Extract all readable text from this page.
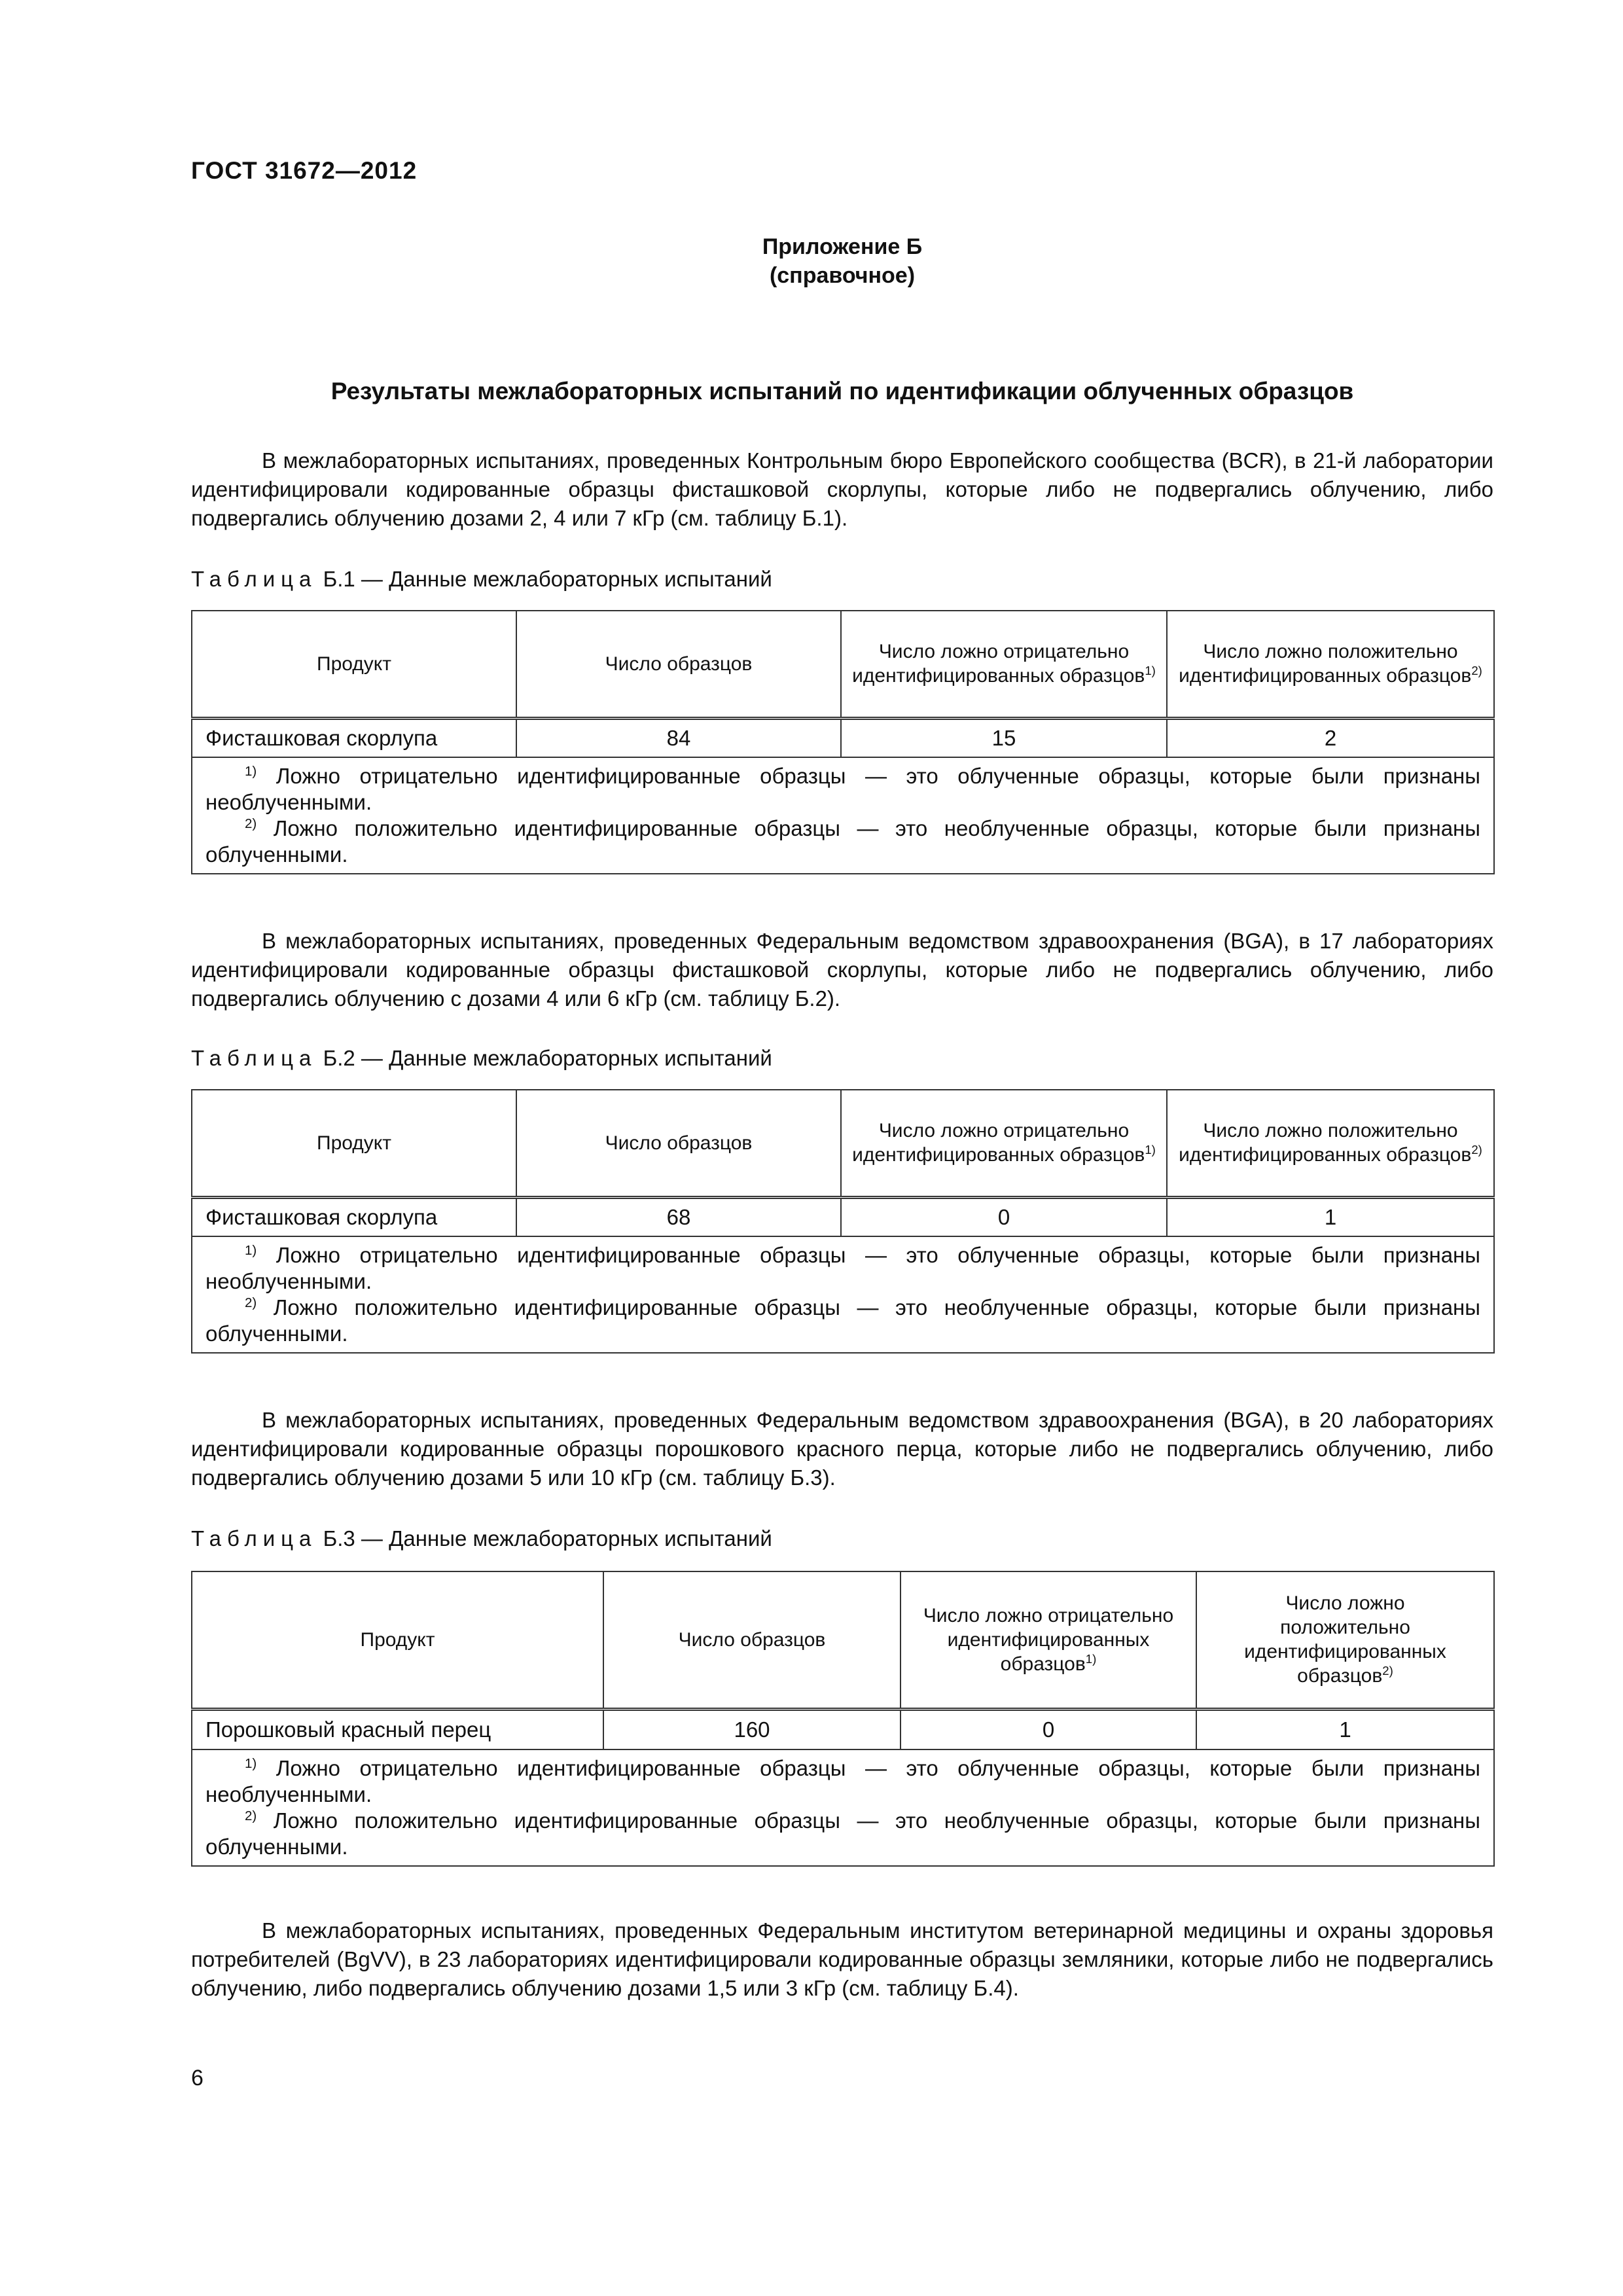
ГОСТ 31672—2012
Приложение Б
(справочное)
Результаты межлабораторных испытаний по идентификации облученных образцов

В межлабораторных испытаниях, проведенных Контрольным бюро Европейского сообщества (BCR), в 21-й лаборатории идентифицировали кодированные образцы фисташковой скорлупы, которые либо не подвергались облучению, либо подвергались облучению дозами 2, 4 или 7 кГр (см. таблицу Б.1).

Таблица Б.1 — Данные межлабораторных испытаний
Продукт	Число образцов	Число ложно отрицательно идентифицированных образцов$^{1)}$	Число ложно положительно идентифицированных образцов$^{2)}$
Фисташковая скорлупа	84	15	2

$^{1)}$ Ложно отрицательно идентифицированные образцы — это облученные образцы, которые были признаны необлученными.

$^{2)}$ Ложно положительно идентифицированные образцы — это необлученные образцы, которые были признаны облученными.			

В межлабораторных испытаниях, проведенных Федеральным ведомством здравоохранения (BGA), в 17 лабораториях идентифицировали кодированные образцы фисташковой скорлупы, которые либо не подвергались облучению, либо подвергались облучению с дозами 4 или 6 кГр (см. таблицу Б.2).

Таблица Б.2 — Данные межлабораторных испытаний
Продукт	Число образцов	Число ложно отрицательно идентифицированных образцов$^{1)}$	Число ложно положительно идентифицированных образцов$^{2)}$
Фисташковая скорлупа	68	0	1

$^{1)}$ Ложно отрицательно идентифицированные образцы — это облученные образцы, которые были признаны необлученными.

$^{2)}$ Ложно положительно идентифицированные образцы — это необлученные образцы, которые были признаны облученными.			

В межлабораторных испытаниях, проведенных Федеральным ведомством здравоохранения (BGA), в 20 лабораториях идентифицировали кодированные образцы порошкового красного перца, которые либо не подвергались облучению, либо подвергались облучению дозами 5 или 10 кГр (см. таблицу Б.3).

Таблица Б.3 — Данные межлабораторных испытаний
Продукт	Число образцов	Число ложно отрицательно идентифицированных образцов$^{1)}$	Число ложно положительно идентифицированных образцов$^{2)}$
Порошковый красный перец	160	0	1

$^{1)}$ Ложно отрицательно идентифицированные образцы — это облученные образцы, которые были признаны необлученными.

$^{2)}$ Ложно положительно идентифицированные образцы — это необлученные образцы, которые были признаны облученными.			

В межлабораторных испытаниях, проведенных Федеральным институтом ветеринарной медицины и охраны здоровья потребителей (BgVV), в 23 лабораториях идентифицировали кодированные образцы земляники, которые либо не подвергались облучению, либо подвергались облучению дозами 1,5 или 3 кГр (см. таблицу Б.4).

6
